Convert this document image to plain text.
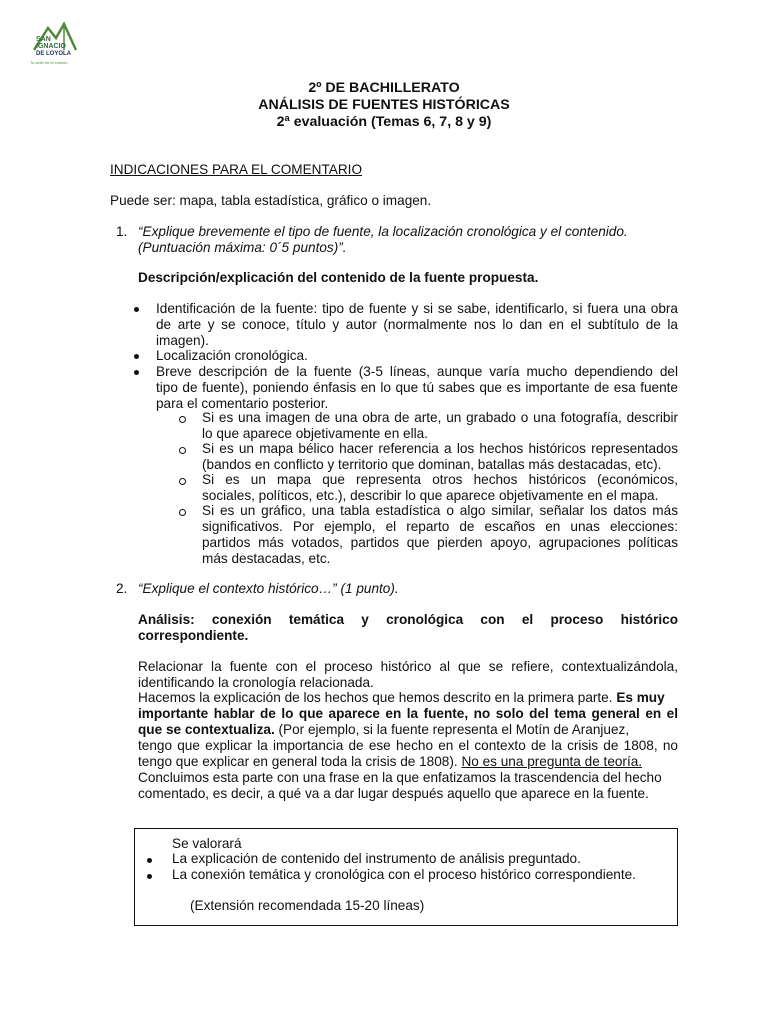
SAN
IGNACIO
DE LOYOLA
Tu sello en el camino
2º DE BACHILLERATO
ANÁLISIS DE FUENTES HISTÓRICAS
2ª evaluación (Temas 6, 7, 8 y 9)
INDICACIONES PARA EL COMENTARIO
Puede ser: mapa, tabla estadística, gráfico o imagen.
1. “Explique brevemente el tipo de fuente, la localización cronológica y el contenido.
(Puntuación máxima: 0´5 puntos)”.
Descripción/explicación del contenido de la fuente propuesta.
Identificación de la fuente: tipo de fuente y si se sabe, identificarlo, si fuera una obra
de arte y se conoce, título y autor (normalmente nos lo dan en el subtítulo de la
imagen).
Localización cronológica.
Breve descripción de la fuente (3-5 líneas, aunque varía mucho dependiendo del
tipo de fuente), poniendo énfasis en lo que tú sabes que es importante de esa fuente
para el comentario posterior.
Si es una imagen de una obra de arte, un grabado o una fotografía, describir
lo que aparece objetivamente en ella.
Si es un mapa bélico hacer referencia a los hechos históricos representados
(bandos en conflicto y territorio que dominan, batallas más destacadas, etc).
Si es un mapa que representa otros hechos históricos (económicos,
sociales, políticos, etc.), describir lo que aparece objetivamente en el mapa.
Si es un gráfico, una tabla estadística o algo similar, señalar los datos más
significativos. Por ejemplo, el reparto de escaños en unas elecciones:
partidos más votados, partidos que pierden apoyo, agrupaciones políticas
más destacadas, etc.
2. “Explique el contexto histórico…” (1 punto).
Análisis: conexión temática y cronológica con el proceso histórico
correspondiente.
Relacionar la fuente con el proceso histórico al que se refiere, contextualizándola,
identificando la cronología relacionada.
Hacemos la explicación de los hechos que hemos descrito en la primera parte. Es muy
importante hablar de lo que aparece en la fuente, no solo del tema general en el
que se contextualiza. (Por ejemplo, si la fuente representa el Motín de Aranjuez,
tengo que explicar la importancia de ese hecho en el contexto de la crisis de 1808, no
tengo que explicar en general toda la crisis de 1808). No es una pregunta de teoría.
Concluimos esta parte con una frase en la que enfatizamos la trascendencia del hecho
comentado, es decir, a qué va a dar lugar después aquello que aparece en la fuente.
Se valorará
La explicación de contenido del instrumento de análisis preguntado.
La conexión temática y cronológica con el proceso histórico correspondiente.
(Extensión recomendada 15-20 líneas)
